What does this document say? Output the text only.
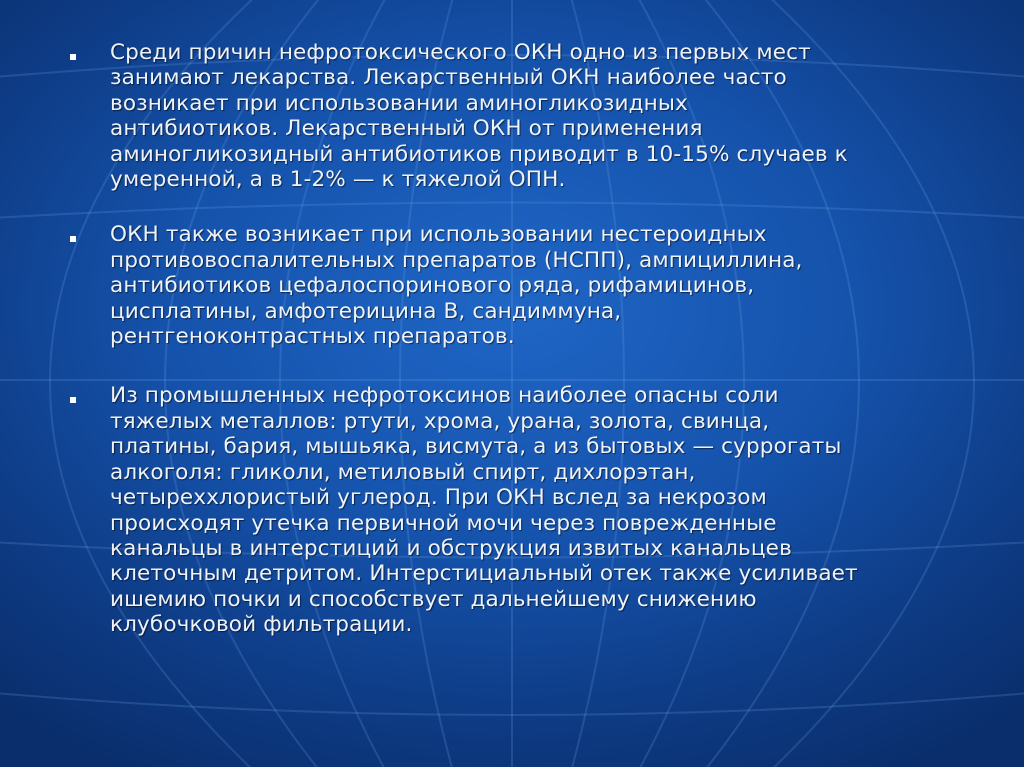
Среди причин нефротоксического ОКН одно из первых мест
занимают лекарства. Лекарственный ОКН наиболее часто
возникает при использовании аминогликозидных
антибиотиков. Лекарственный ОКН от применения
аминогликозидный антибиотиков приводит в 10-15% случаев к
умеренной, а в 1-2% — к тяжелой ОПН.
ОКН также возникает при использовании нестероидных
противовоспалительных препаратов (НСПП), ампициллина,
антибиотиков цефалоспоринового ряда, рифамицинов,
цисплатины, амфотерицина В, сандиммуна,
рентгеноконтрастных препаратов.
Из промышленных нефротоксинов наиболее опасны соли
тяжелых металлов: ртути, хрома, урана, золота, свинца,
платины, бария, мышьяка, висмута, а из бытовых — суррогаты
алкоголя: гликоли, метиловый спирт, дихлорэтан,
четыреххлористый углерод. При ОКН вслед за некрозом
происходят утечка первичной мочи через поврежденные
канальцы в интерстиций и обструкция извитых канальцев
клеточным детритом. Интерстициальный отек также усиливает
ишемию почки и способствует дальнейшему снижению
клубочковой фильтрации.
